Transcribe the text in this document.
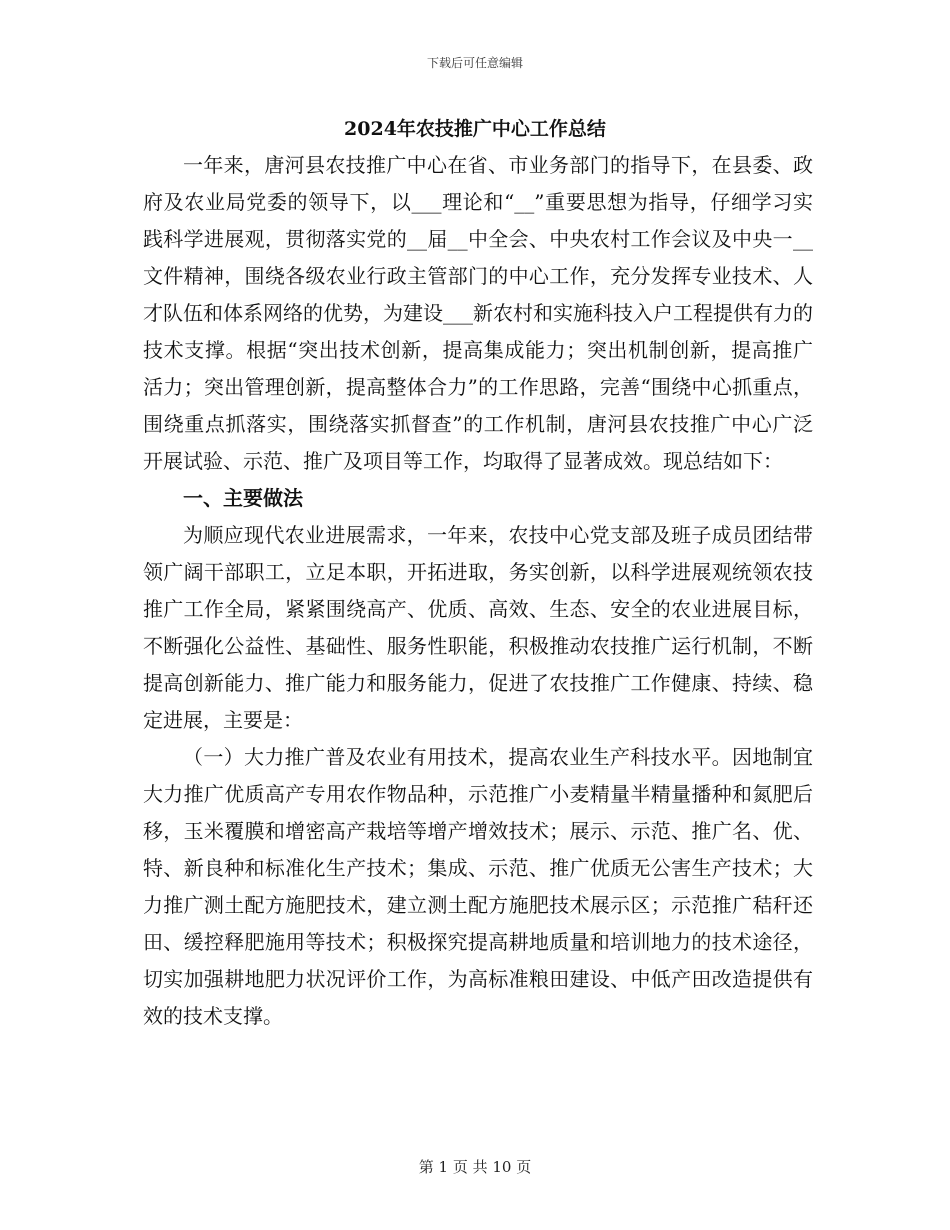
下载后可任意编辑
2024年农技推广中心工作总结

一年来，唐河县农技推广中心在省、市业务部门的指导下，在县委、政府及农业局党委的领导下，以___理论和“__”重要思想为指导，仔细学习实践科学进展观，贯彻落实党的__届__中全会、中央农村工作会议及中央一__文件精神，围绕各级农业行政主管部门的中心工作，充分发挥专业技术、人才队伍和体系网络的优势，为建设___新农村和实施科技入户工程提供有力的技术支撑。根据“突出技术创新，提高集成能力；突出机制创新，提高推广活力；突出管理创新，提高整体合力”的工作思路，完善“围绕中心抓重点，围绕重点抓落实，围绕落实抓督查”的工作机制，唐河县农技推广中心广泛开展试验、示范、推广及项目等工作，均取得了显著成效。现总结如下：

一、主要做法

为顺应现代农业进展需求，一年来，农技中心党支部及班子成员团结带领广阔干部职工，立足本职，开拓进取，务实创新，以科学进展观统领农技推广工作全局，紧紧围绕高产、优质、高效、生态、安全的农业进展目标，不断强化公益性、基础性、服务性职能，积极推动农技推广运行机制，不断提高创新能力、推广能力和服务能力，促进了农技推广工作健康、持续、稳定进展，主要是：

（一）大力推广普及农业有用技术，提高农业生产科技水平。因地制宜大力推广优质高产专用农作物品种，示范推广小麦精量半精量播种和氮肥后移，玉米覆膜和增密高产栽培等增产增效技术；展示、示范、推广名、优、特、新良种和标准化生产技术；集成、示范、推广优质无公害生产技术；大力推广测土配方施肥技术，建立测土配方施肥技术展示区；示范推广秸秆还田、缓控释肥施用等技术；积极探究提高耕地质量和培训地力的技术途径，切实加强耕地肥力状况评价工作，为高标准粮田建设、中低产田改造提供有效的技术支撑。

第 1 页 共 10 页
